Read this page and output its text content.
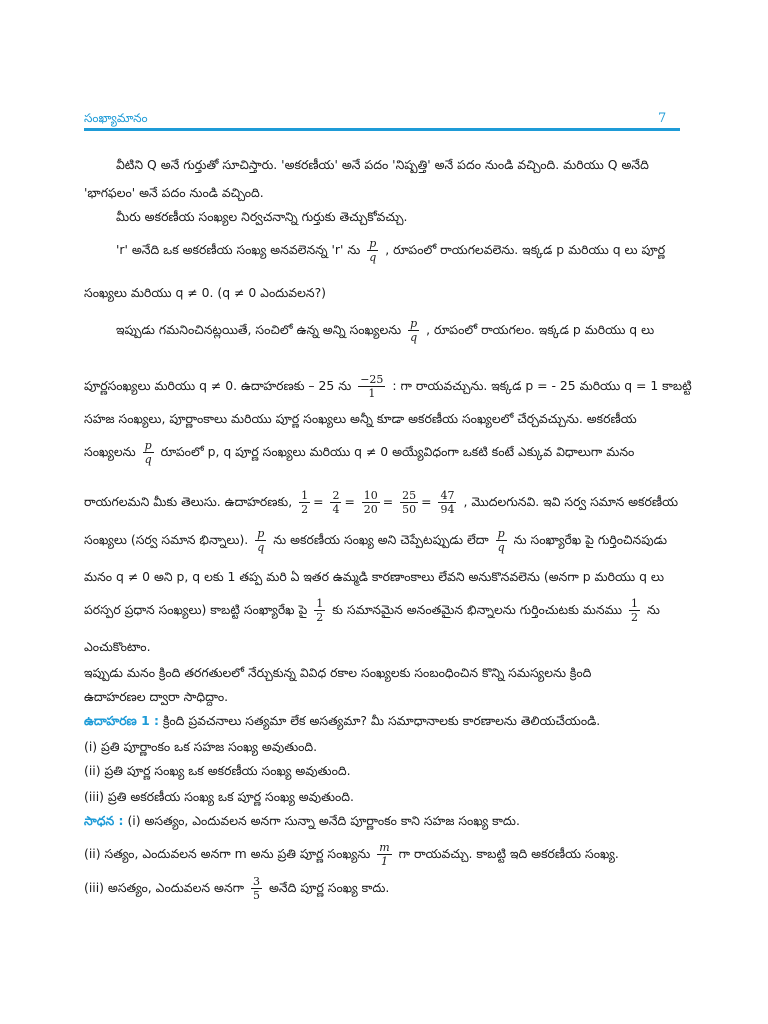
సంఖ్యామానం	7
వీటిని Q అనే గుర్తుతో సూచిస్తారు. 'అకరణీయ' అనే పదం 'నిష్పత్తి' అనే పదం నుండి వచ్చింది. మరియు Q అనేది
'భాగఫలం' అనే పదం నుండి వచ్చింది.
మీరు అకరణీయ సంఖ్యల నిర్వచనాన్ని గుర్తుకు తెచ్చుకోవచ్చు.
'r' అనేది ఒక అకరణీయ సంఖ్య అనవలెనన్న 'r' ను $\frac{p}{q}$ , రూపంలో రాయగలవలెను. ఇక్కడ p మరియు q లు పూర్ణ
సంఖ్యలు మరియు q ≠ 0. (q ≠ 0 ఎందువలన?)
ఇప్పుడు గమనించినట్లయితే, సంచిలో ఉన్న అన్ని సంఖ్యలను $\frac{p}{q}$ , రూపంలో రాయగలం. ఇక్కడ p మరియు q లు
పూర్ణసంఖ్యలు మరియు q ≠ 0. ఉదాహరణకు – 25 ను $\frac{-25}{1}$ : గా రాయవచ్చును. ఇక్కడ p = - 25 మరియు q = 1 కాబట్టి
సహజ సంఖ్యలు, పూర్ణాంకాలు మరియు పూర్ణ సంఖ్యలు అన్నీ కూడా అకరణీయ సంఖ్యలలో చేర్చవచ్చును. అకరణీయ
సంఖ్యలను $\frac{p}{q}$ రూపంలో p, q పూర్ణ సంఖ్యలు మరియు q ≠ 0 అయ్యేవిధంగా ఒకటి కంటే ఎక్కువ విధాలుగా మనం
రాయగలమని మీకు తెలుసు. ఉదాహరణకు, $\frac{1}{2} = \frac{2}{4} = \frac{10}{20} = \frac{25}{50} = \frac{47}{94}$ , మొదలగునవి. ఇవి సర్వ సమాన అకరణీయ
సంఖ్యలు (సర్వ సమాన భిన్నాలు). $\frac{p}{q}$ ను అకరణీయ సంఖ్య అని చెప్పేటప్పుడు లేదా $\frac{p}{q}$ ను సంఖ్యారేఖ పై గుర్తించినపుడు
మనం q ≠ 0 అని p, q లకు 1 తప్ప మరి ఏ ఇతర ఉమ్మడి కారణాంకాలు లేవని అనుకొనవలెను (అనగా p మరియు q లు
పరస్పర ప్రధాన సంఖ్యలు) కాబట్టి సంఖ్యారేఖ పై $\frac{1}{2}$ కు సమానమైన అనంతమైన భిన్నాలను గుర్తించుటకు మనము $\frac{1}{2}$ ను
ఎంచుకొంటాం.
ఇప్పుడు మనం క్రింది తరగతులలో నేర్చుకున్న వివిధ రకాల సంఖ్యలకు సంబంధించిన కొన్ని సమస్యలను క్రింది
ఉదాహరణల ద్వారా సాధిద్దాం.
ఉదాహరణ 1 : క్రింది ప్రవచనాలు సత్యమా లేక అసత్యమా? మీ సమాధానాలకు కారణాలను తెలియచేయండి.
(i) ప్రతి పూర్ణాంకం ఒక సహజ సంఖ్య అవుతుంది.
(ii) ప్రతి పూర్ణ సంఖ్య ఒక అకరణీయ సంఖ్య అవుతుంది.
(iii) ప్రతి అకరణీయ సంఖ్య ఒక పూర్ణ సంఖ్య అవుతుంది.
సాధన : (i) అసత్యం, ఎందువలన అనగా సున్నా అనేది పూర్ణాంకం కాని సహజ సంఖ్య కాదు.
(ii) సత్యం, ఎందువలన అనగా m అను ప్రతి పూర్ణ సంఖ్యను $\frac{m}{1}$ గా రాయవచ్చు. కాబట్టి ఇది అకరణీయ సంఖ్య.
(iii) అసత్యం, ఎందువలన అనగా $\frac{3}{5}$ అనేది పూర్ణ సంఖ్య కాదు.
